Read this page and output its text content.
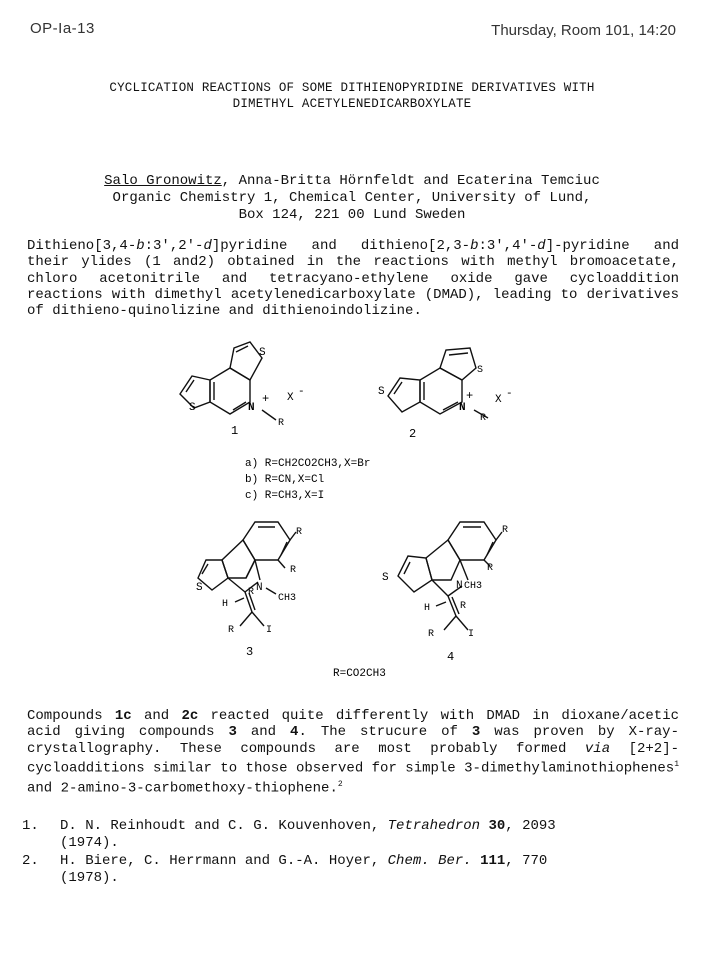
OP-Ia-13	Thursday, Room 101, 14:20
CYCLICATION REACTIONS OF SOME DITHIENOPYRIDINE DERIVATIVES WITH
DIMETHYL ACETYLENEDICARBOXYLATE
Salo Gronowitz, Anna-Britta Hörnfeldt and Ecaterina Temciuc
Organic Chemistry 1, Chemical Center, University of Lund,
Box 124, 221 00 Lund Sweden
Dithieno[3,4-b:3',2'-d]pyridine and dithieno[2,3-b:3',4'-d]-pyridine and their ylides (1 and2) obtained in the reactions with methyl bromoacetate, chloro acetonitrile and tetracyano-ethylene oxide gave cycloaddition reactions with dimethyl acetylenedicarboxylate (DMAD), leading to derivatives of dithieno-quinolizine and dithienoindolizine.
S
S	N
+
R
X -
1
S
S
N
+
R
X -
2
a) R=CH2CO2CH3,X=Br
b) R=CN,X=Cl
c) R=CH3,X=I
R
R
S	N
CH3
R
H
R	I
3
R
R
S
N CH3
R
H
R	I
4
R=CO2CH3
Compounds 1c and 2c reacted quite differently with DMAD in dioxane/acetic acid giving compounds 3 and 4. The strucure of 3 was proven by X-ray-crystallography. These compounds are most probably formed via [2+2]-cycloadditions similar to those observed for simple 3-dimethylaminothiophenes$^1$ and 2-amino-3-carbomethoxy-thiophene.$^2$
1. D. N. Reinhoudt and C. G. Kouvenhoven, Tetrahedron 30, 2093
(1974).
2. H. Biere, C. Herrmann and G.-A. Hoyer, Chem. Ber. 111, 770
(1978).
